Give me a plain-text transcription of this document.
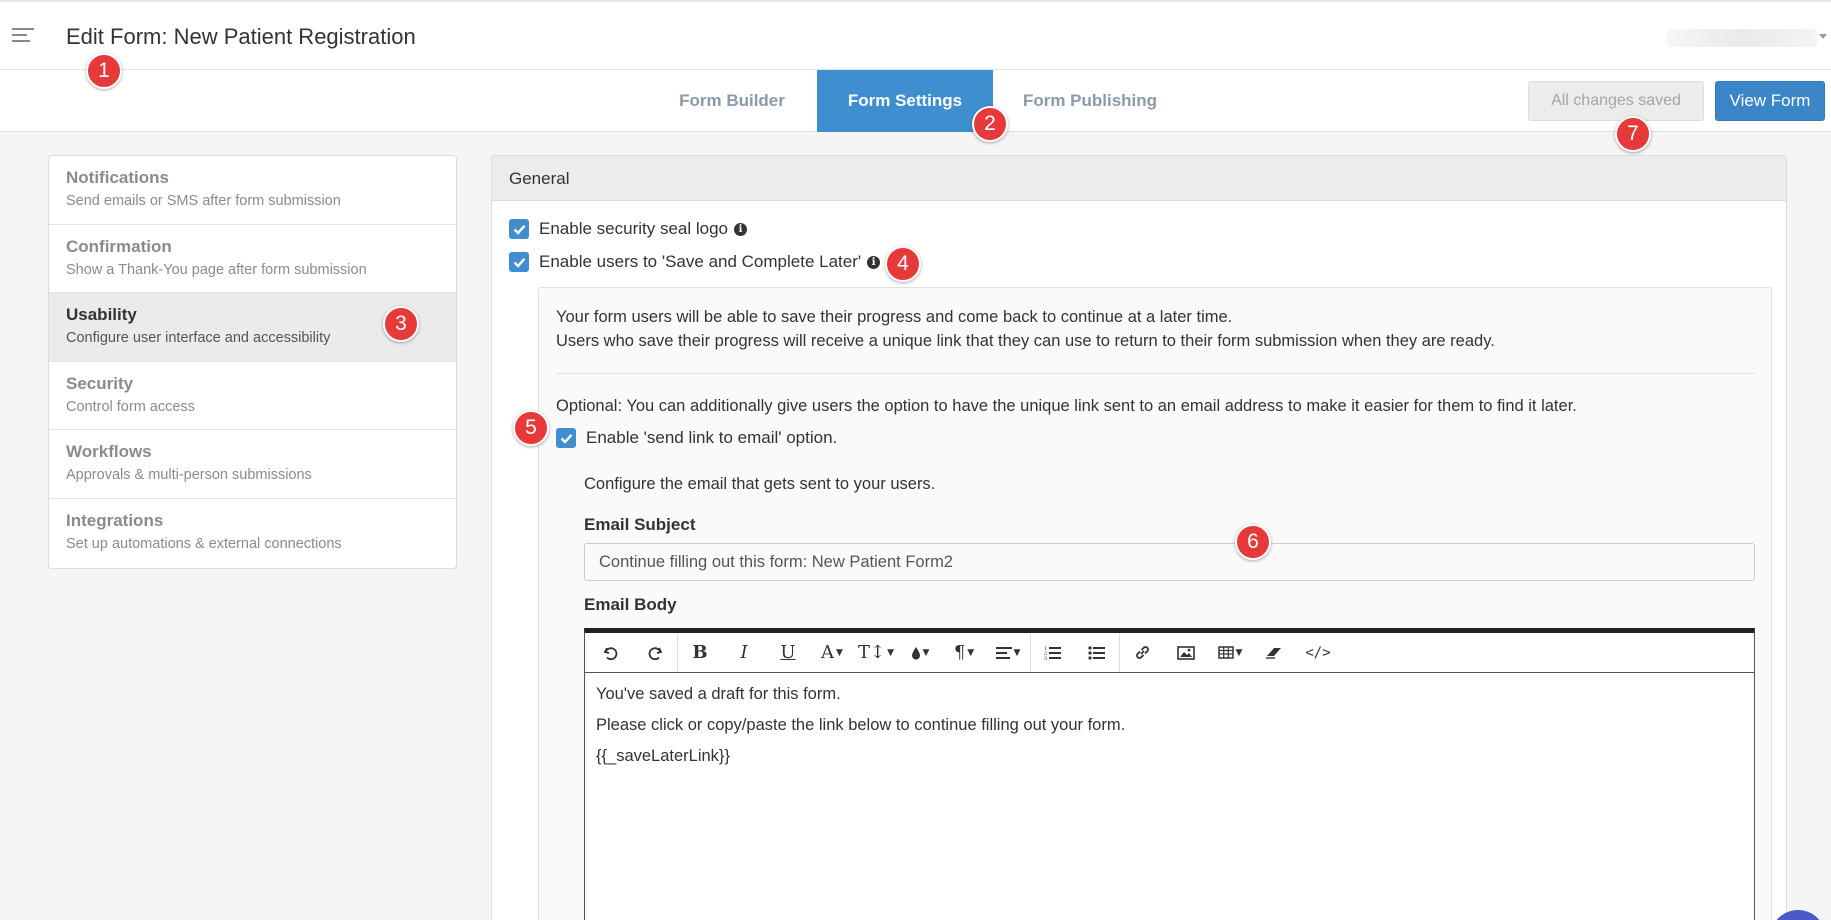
Edit Form: New Patient Registration
Form Builder	Form Settings	Form Publishing	All changes saved	View Form
Notifications
Send emails or SMS after form submission
Confirmation
Show a Thank-You page after form submission
Usability
Configure user interface and accessibility
Security
Control form access
Workflows
Approvals & multi-person submissions
Integrations
Set up automations & external connections
General
Enable security seal logo	i
Enable users to 'Save and Complete Later'	i
Your form users will be able to save their progress and come back to continue at a later time.
Users who save their progress will receive a unique link that they can use to return to their form submission when they are ready.
Optional: You can additionally give users the option to have the unique link sent to an email address to make it easier for them to find it later.
Enable 'send link to email' option.
Configure the email that gets sent to your users.
Email Subject
Continue filling out this form: New Patient Form2
Email Body
B	I	U	A ▼ T↕ ▼	▼	¶ ▼	▼	1
2
3
▼	</>

You've saved a draft for this form.

Please click or copy/paste the link below to continue filling out your form.

{{_saveLaterLink}}

1
2
3
4
5
6
7
